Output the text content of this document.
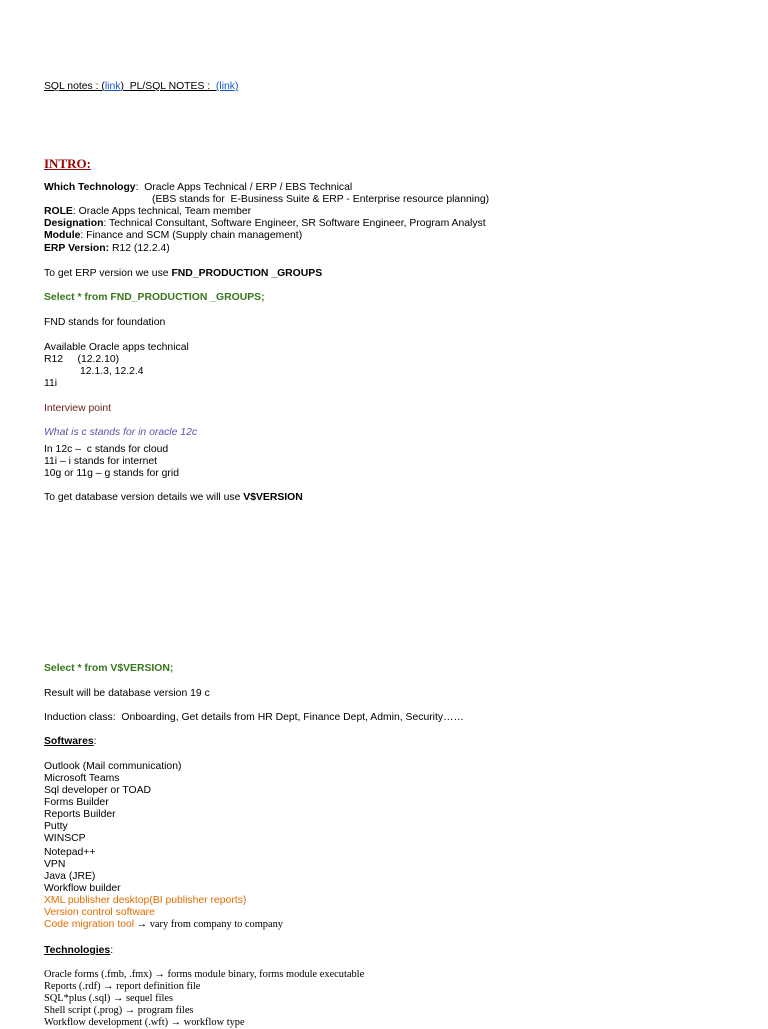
SQL notes : (link) PL/SQL NOTES :  (link)
INTRO:
Which Technology:  Oracle Apps Technical / ERP / EBS Technical
(EBS stands for  E-Business Suite & ERP - Enterprise resource planning)
ROLE: Oracle Apps technical, Team member
Designation: Technical Consultant, Software Engineer, SR Software Engineer, Program Analyst
Module: Finance and SCM (Supply chain management)
ERP Version: R12 (12.2.4)
To get ERP version we use FND_PRODUCTION _GROUPS
Select * from FND_PRODUCTION _GROUPS;
FND stands for foundation
Available Oracle apps technical
R12     (12.2.10)
12.1.3, 12.2.4
11i
Interview point
What is c stands for in oracle 12c
In 12c –  c stands for cloud
11i – i stands for internet
10g or 11g – g stands for grid
To get database version details we will use V$VERSION
Select * from V$VERSION;
Result will be database version 19 c
Induction class:  Onboarding, Get details from HR Dept, Finance Dept, Admin, Security……
Softwares:
Outlook (Mail communication)
Microsoft Teams
Sql developer or TOAD
Forms Builder
Reports Builder
Putty
WINSCP
Notepad++
VPN
Java (JRE)
Workflow builder
XML publisher desktop(BI publisher reports)
Version control software
Code migration tool → vary from company to company
Technologies:
Oracle forms (.fmb, .fmx) → forms module binary, forms module executable
Reports (.rdf) → report definition file
SQL*plus (.sql) → sequel files
Shell script (.prog) → program files
Workflow development (.wft) → workflow type
